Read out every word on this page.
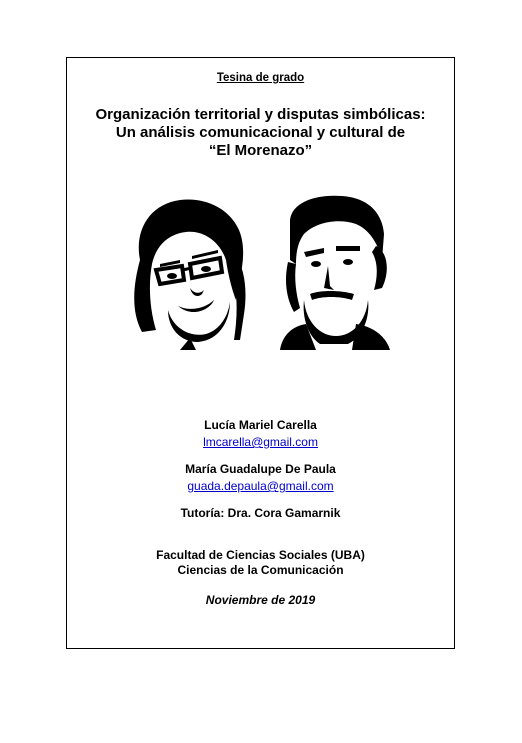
Tesina de grado
Organización territorial y disputas simbólicas:
Un análisis comunicacional y cultural de
“El Morenazo”
Lucía Mariel Carella
lmcarella@gmail.com
María Guadalupe De Paula
guada.depaula@gmail.com
Tutoría: Dra. Cora Gamarnik
Facultad de Ciencias Sociales (UBA)
Ciencias de la Comunicación
Noviembre de 2019
